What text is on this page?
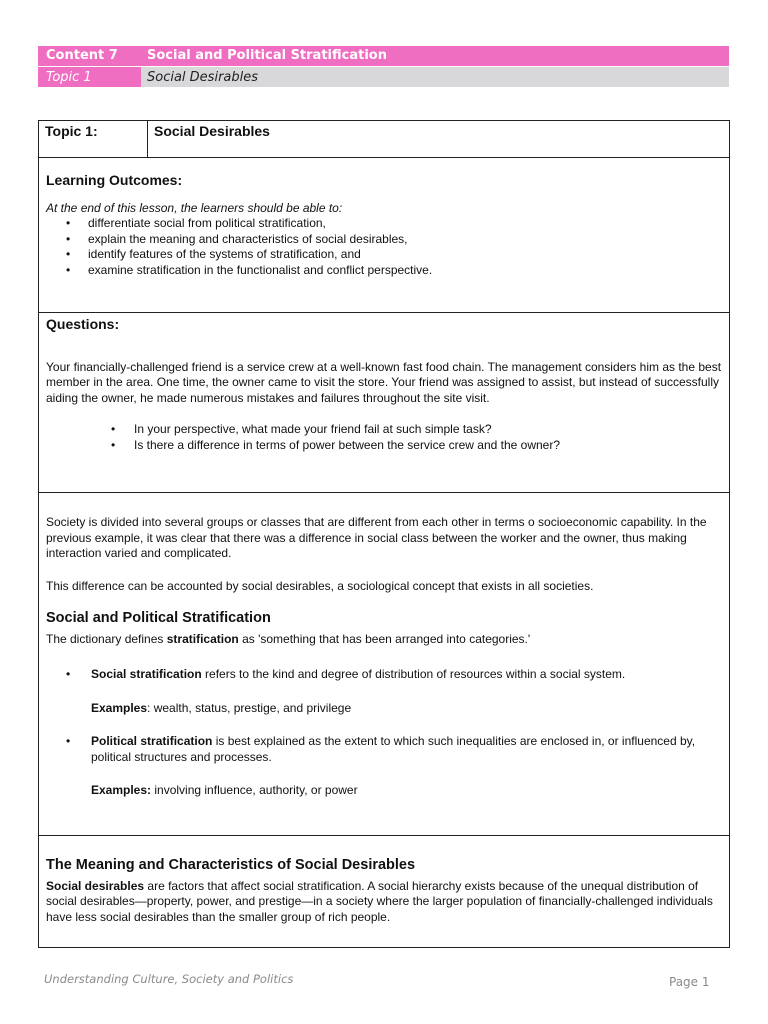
Content 7	Social and Political Stratification
Topic 1	Social Desirables
Topic 1:	Social Desirables
Learning Outcomes:

At the end of this lesson, the learners should be able to:

• differentiate social from political stratification,
• explain the meaning and characteristics of social desirables,
• identify features of the systems of stratification, and
• examine stratification in the functionalist and conflict perspective.
Questions:

Your financially-challenged friend is a service crew at a well-known fast food chain. The management considers him as the best member in the area. One time, the owner came to visit the store. Your friend was assigned to assist, but instead of successfully aiding the owner, he made numerous mistakes and failures throughout the site visit.

• In your perspective, what made your friend fail at such simple task?
• Is there a difference in terms of power between the service crew and the owner?

Society is divided into several groups or classes that are different from each other in terms o socioeconomic capability. In the previous example, it was clear that there was a difference in social class between the worker and the owner, thus making interaction varied and complicated.

This difference can be accounted by social desirables, a sociological concept that exists in all societies.

Social and Political Stratification

The dictionary defines stratification as 'something that has been arranged into categories.'

• Social stratification refers to the kind and degree of distribution of resources within a social system.

Examples: wealth, status, prestige, and privilege

• Political stratification is best explained as the extent to which such inequalities are enclosed in, or influenced by, political structures and processes.

Examples: involving influence, authority, or power

The Meaning and Characteristics of Social Desirables

Social desirables are factors that affect social stratification. A social hierarchy exists because of the unequal distribution of social desirables—property, power, and prestige—in a society where the larger population of financially-challenged individuals have less social desirables than the smaller group of rich people.

Understanding Culture, Society and Politics	Page 1
